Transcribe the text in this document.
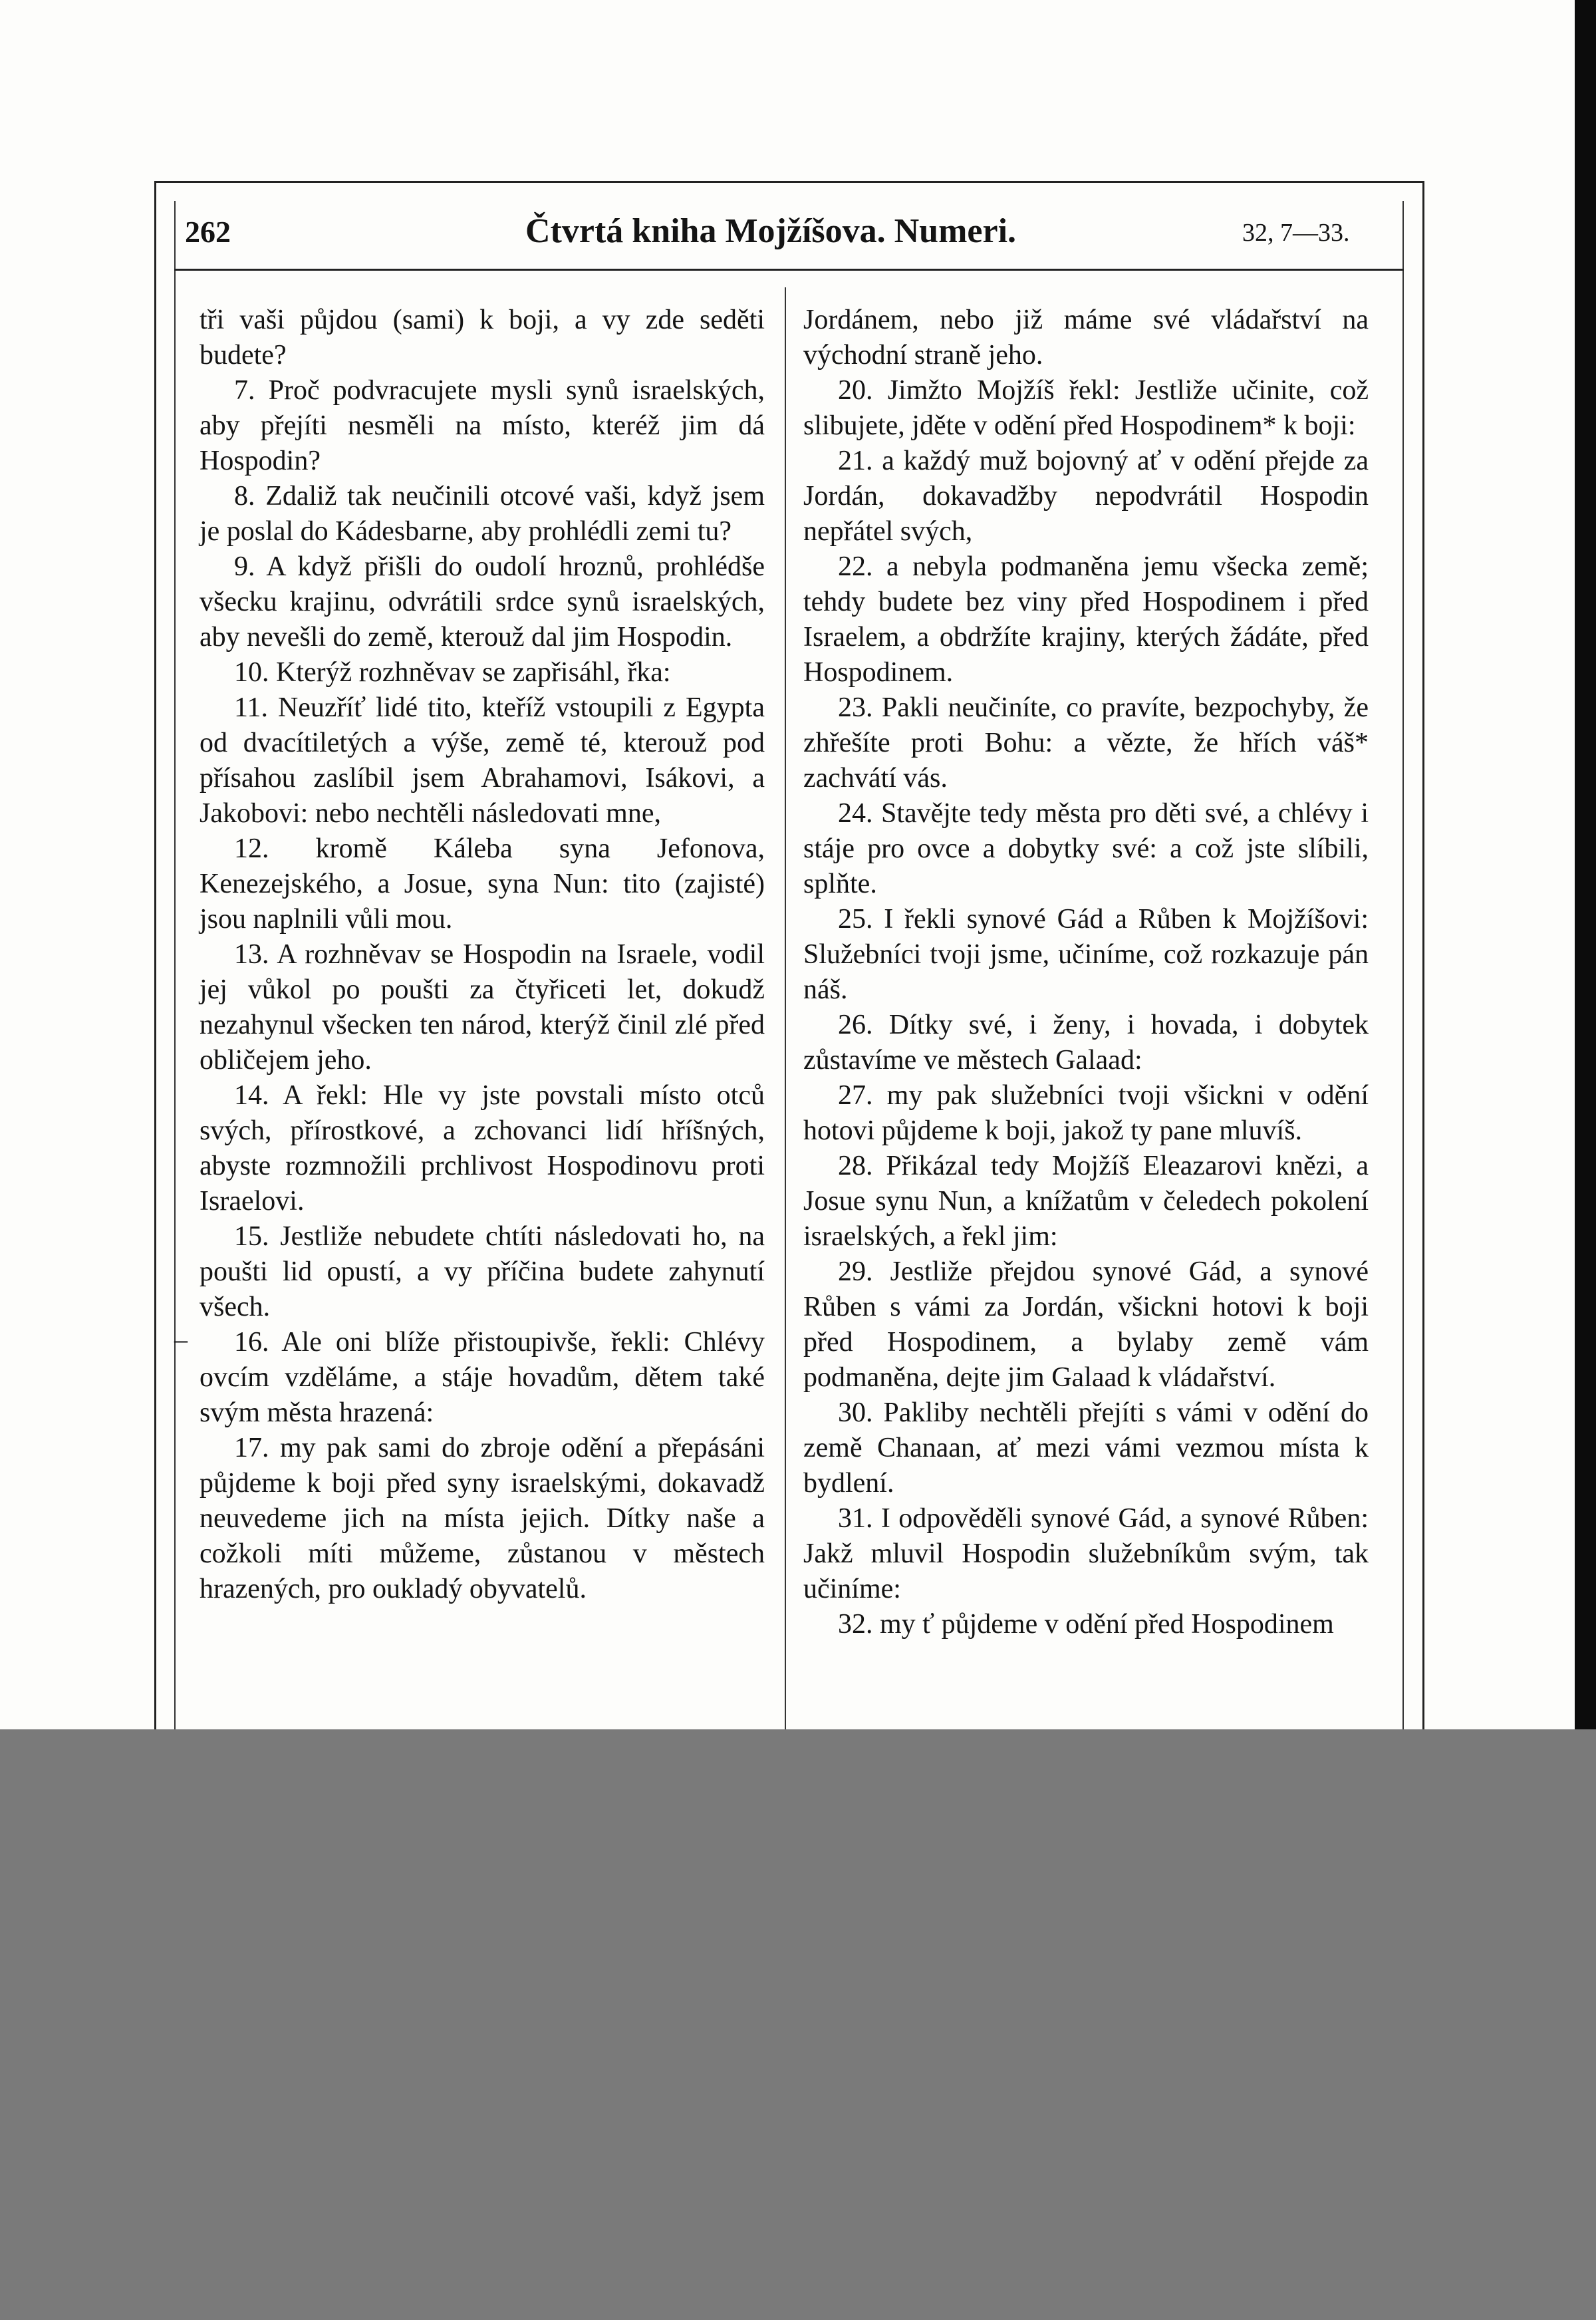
262	Čtvrtá kniha Mojžíšova. Numeri.	32, 7—33.
–

tři vaši půjdou (sami) k boji, a vy zde seděti budete?

7. Proč podvracujete mysli synů israelských, aby přejíti nesměli na místo, kteréž jim dá Hospodin?

8. Zdaliž tak neučinili otcové vaši, když jsem je poslal do Kádesbarne, aby prohlédli zemi tu?

9. A když přišli do oudolí hroznů, prohlédše všecku krajinu, odvrátili srdce synů israelských, aby nevešli do země, kterouž dal jim Hospodin.

10. Kterýž rozhněvav se zapřisáhl, řka:

11. Neuzříť lidé tito, kteříž vstoupili z Egypta od dvacítiletých a výše, země té, kterouž pod přísahou zaslíbil jsem Abrahamovi, Isákovi, a Jakobovi: nebo nechtěli následovati mne,

12. kromě Káleba syna Jefonova, Kenezejského, a Josue, syna Nun: tito (zajisté) jsou naplnili vůli mou.

13. A rozhněvav se Hospodin na Israele, vodil jej vůkol po poušti za čtyřiceti let, dokudž nezahynul všecken ten národ, kterýž činil zlé před obličejem jeho.

14. A řekl: Hle vy jste povstali místo otců svých, přírostkové, a zchovanci lidí hříšných, abyste rozmnožili prchlivost Hospodinovu proti Israelovi.

15. Jestliže nebudete chtíti následovati ho, na poušti lid opustí, a vy příčina budete zahynutí všech.

16. Ale oni blíže přistoupivše, řekli: Chlévy ovcím vzděláme, a stáje hovadům, dětem také svým města hrazená:

17. my pak sami do zbroje odění a přepásáni půjdeme k boji před syny israelskými, dokavadž neuvedeme jich na místa jejich. Dítky naše a cožkoli míti můžeme, zůstanou v městech hrazených, pro oukladý obyvatelů.

Jordánem, nebo již máme své vládařství na východní straně jeho.

20. Jimžto Mojžíš řekl: Jestliže učinite, což slibujete, jděte v odění před Hospodinem* k boji:

21. a každý muž bojovný ať v odění přejde za Jordán, dokavadžby nepodvrátil Hospodin nepřátel svých,

22. a nebyla podmaněna jemu všecka země; tehdy budete bez viny před Hospodinem i před Israelem, a obdržíte krajiny, kterých žádáte, před Hospodinem.

23. Pakli neučiníte, co pravíte, bezpochyby, že zhřešíte proti Bohu: a vězte, že hřích váš* zachvátí vás.

24. Stavějte tedy města pro děti své, a chlévy i stáje pro ovce a dobytky své: a což jste slíbili, splňte.

25. I řekli synové Gád a Růben k Mojžíšovi: Služebníci tvoji jsme, učiníme, což rozkazuje pán náš.

26. Dítky své, i ženy, i hovada, i dobytek zůstavíme ve městech Galaad:

27. my pak služebníci tvoji všickni v odění hotovi půjdeme k boji, jakož ty pane mluvíš.

28. Přikázal tedy Mojžíš Eleazarovi knězi, a Josue synu Nun, a knížatům v čeledech pokolení israelských, a řekl jim:

29. Jestliže přejdou synové Gád, a synové Růben s vámi za Jordán, všickni hotovi k boji před Hospodinem, a bylaby země vám podmaněna, dejte jim Galaad k vládařství.

30. Pakliby nechtěli přejíti s vámi v odění do země Chanaan, ať mezi vámi vezmou místa k bydlení.

31. I odpověděli synové Gád, a synové Růben: Jakž mluvil Hospodin služebníkům svým, tak učiníme:

32. my ť půjdeme v odění před Hospodinem
